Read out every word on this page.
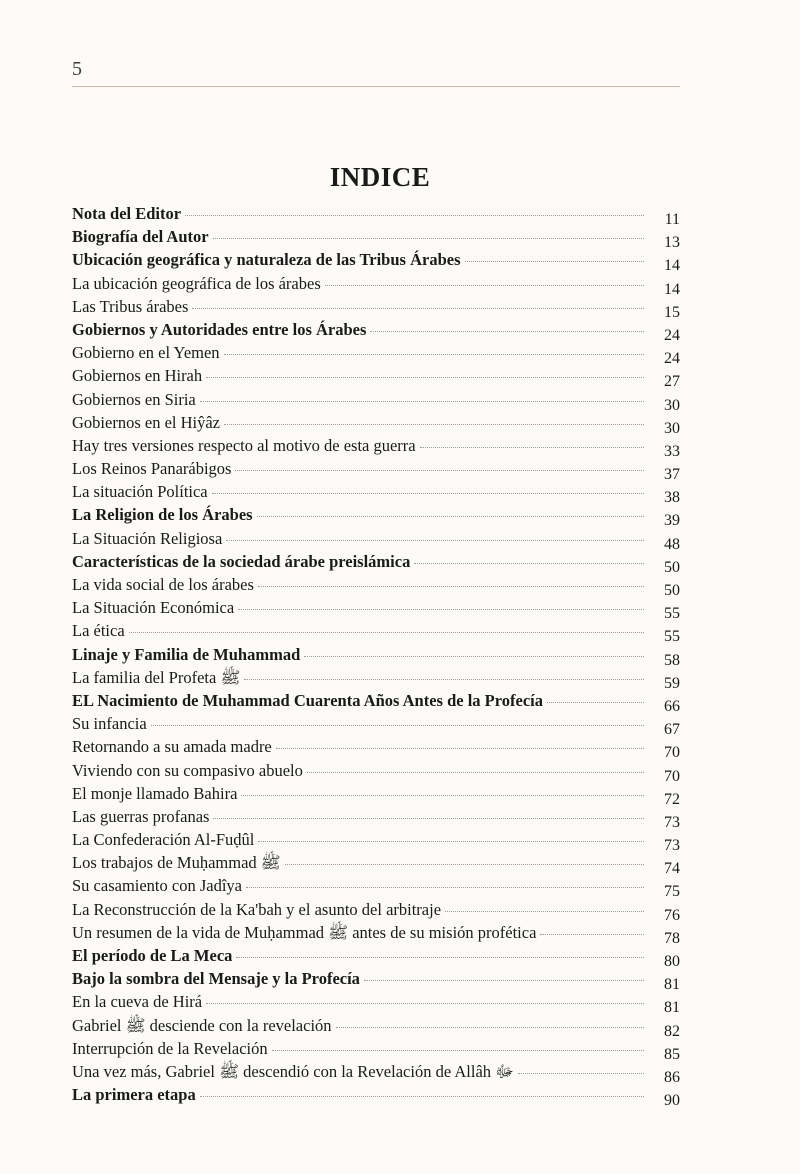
5
INDICE
Nota del Editor	11
Biografía del Autor	13
Ubicación geográfica y naturaleza de las Tribus Árabes	14
La ubicación geográfica de los árabes	14
Las Tribus árabes	15
Gobiernos y Autoridades entre los Árabes	24
Gobierno en el Yemen	24
Gobiernos en Hirah	27
Gobiernos en Siria	30
Gobiernos en el Hiŷâz	30
Hay tres versiones respecto al motivo de esta guerra	33
Los Reinos Panarábigos	37
La situación Política	38
La Religion de los Árabes	39
La Situación Religiosa	48
Características de la sociedad árabe preislámica	50
La vida social de los árabes	50
La Situación Económica	55
La ética	55
Linaje y Familia de Muhammad	58
La familia del Profeta ﷺ	59
EL Nacimiento de Muhammad Cuarenta Años Antes de la Profecía	66
Su infancia	67
Retornando a su amada madre	70
Viviendo con su compasivo abuelo	70
El monje llamado Bahira	72
Las guerras profanas	73
La Confederación Al-Fuḍûl	73
Los trabajos de Muḥammad ﷺ	74
Su casamiento con Jadîya	75
La Reconstrucción de la Ka'bah y el asunto del arbitraje	76
Un resumen de la vida de Muḥammad ﷺ antes de su misión profética	78
El período de La Meca	80
Bajo la sombra del Mensaje y la Profecía	81
En la cueva de Hirá	81
Gabriel ﷺ desciende con la revelación	82
Interrupción de la Revelación	85
Una vez más, Gabriel ﷺ descendió con la Revelación de Allâh ﷻ	86
La primera etapa	90
